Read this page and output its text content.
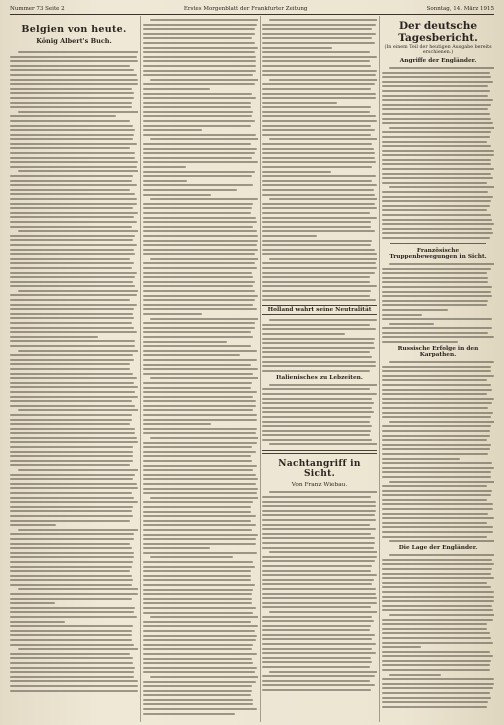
Nummer 73 Seite 2	Erstes Morgenblatt der Frankfurter Zeitung	Sonntag, 14. März 1915
Belgien von heute.
König Albert's Buch.
Holland wahrt seine Neutralität
Italienisches zu Lebzeiten.
Nachtangriff in Sicht.
Von Franz Wiebau.
Der deutsche Tagesbericht.
(In einem Teil der heutigen Ausgabe bereits erschienen.)
Angriffe der Engländer.
Französische Truppenbewegungen in Sicht.
Russische Erfolge in den Karpathen.
Die Lage der Engländer.
